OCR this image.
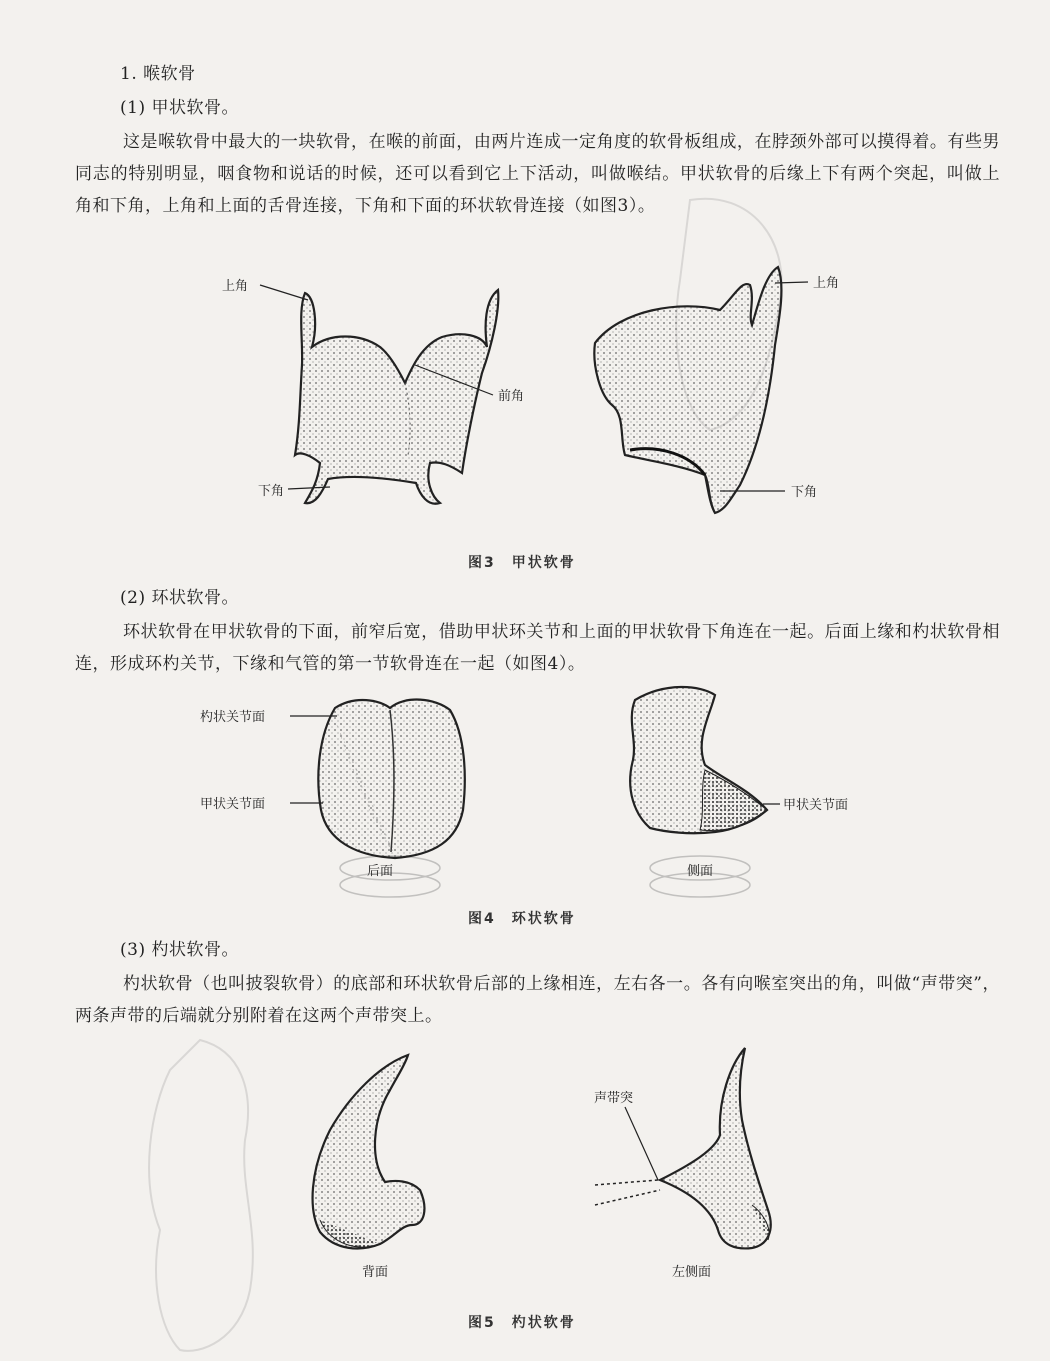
1. 喉软骨

(1) 甲状软骨。

这是喉软骨中最大的一块软骨，在喉的前面，由两片连成一定角度的软骨板组成，在脖颈外部可以摸得着。有些男同志的特别明显，咽食物和说话的时候，还可以看到它上下活动，叫做喉结。甲状软骨的后缘上下有两个突起，叫做上角和下角，上角和上面的舌骨连接，下角和下面的环状软骨连接（如图3）。

上角
前角
下角
上角
下角
图3　甲状软骨

(2) 环状软骨。

环状软骨在甲状软骨的下面，前窄后宽，借助甲状环关节和上面的甲状软骨下角连在一起。后面上缘和杓状软骨相连，形成环杓关节，下缘和气管的第一节软骨连在一起（如图4）。

杓状关节面
甲状关节面
后面	侧面
甲状关节面
图4　环状软骨

(3) 杓状软骨。

杓状软骨（也叫披裂软骨）的底部和环状软骨后部的上缘相连，左右各一。各有向喉室突出的角，叫做“声带突”，两条声带的后端就分别附着在这两个声带突上。

声带突
背面	左侧面
图5　杓状软骨
